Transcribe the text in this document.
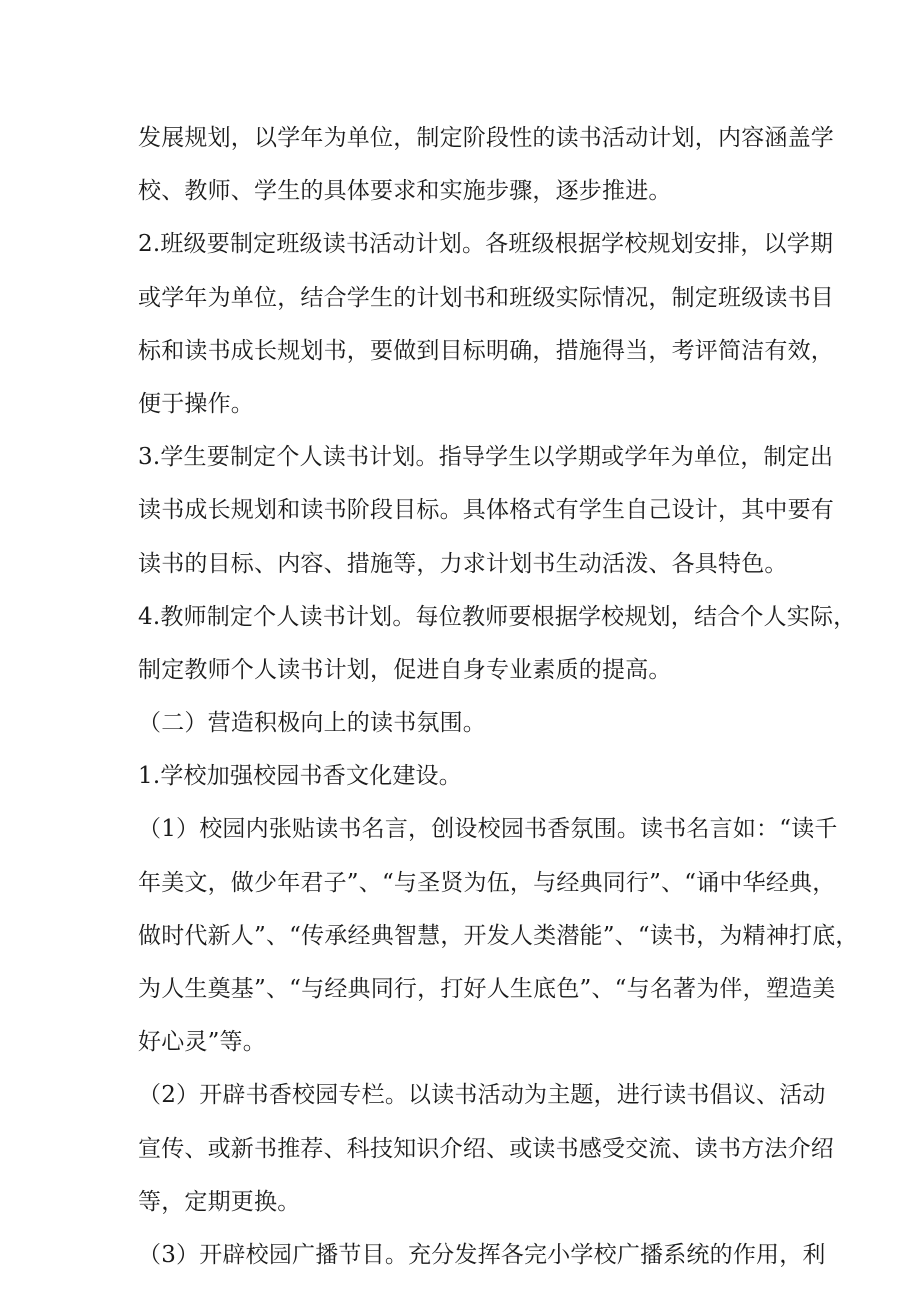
发展规划，以学年为单位，制定阶段性的读书活动计划，内容涵盖学
校、教师、学生的具体要求和实施步骤，逐步推进。
2.班级要制定班级读书活动计划。各班级根据学校规划安排，以学期
或学年为单位，结合学生的计划书和班级实际情况，制定班级读书目
标和读书成长规划书，要做到目标明确，措施得当，考评简洁有效，
便于操作。
3.学生要制定个人读书计划。指导学生以学期或学年为单位，制定出
读书成长规划和读书阶段目标。具体格式有学生自己设计，其中要有
读书的目标、内容、措施等，力求计划书生动活泼、各具特色。
4.教师制定个人读书计划。每位教师要根据学校规划，结合个人实际，
制定教师个人读书计划，促进自身专业素质的提高。
（二）营造积极向上的读书氛围。
1.学校加强校园书香文化建设。
（1）校园内张贴读书名言，创设校园书香氛围。读书名言如：“读千
年美文，做少年君子”、“与圣贤为伍，与经典同行”、“诵中华经典，
做时代新人”、“传承经典智慧，开发人类潜能”、“读书，为精神打底，
为人生奠基”、“与经典同行，打好人生底色”、“与名著为伴，塑造美
好心灵”等。
（2）开辟书香校园专栏。以读书活动为主题，进行读书倡议、活动
宣传、或新书推荐、科技知识介绍、或读书感受交流、读书方法介绍
等，定期更换。
（3）开辟校园广播节目。充分发挥各完小学校广播系统的作用，利
